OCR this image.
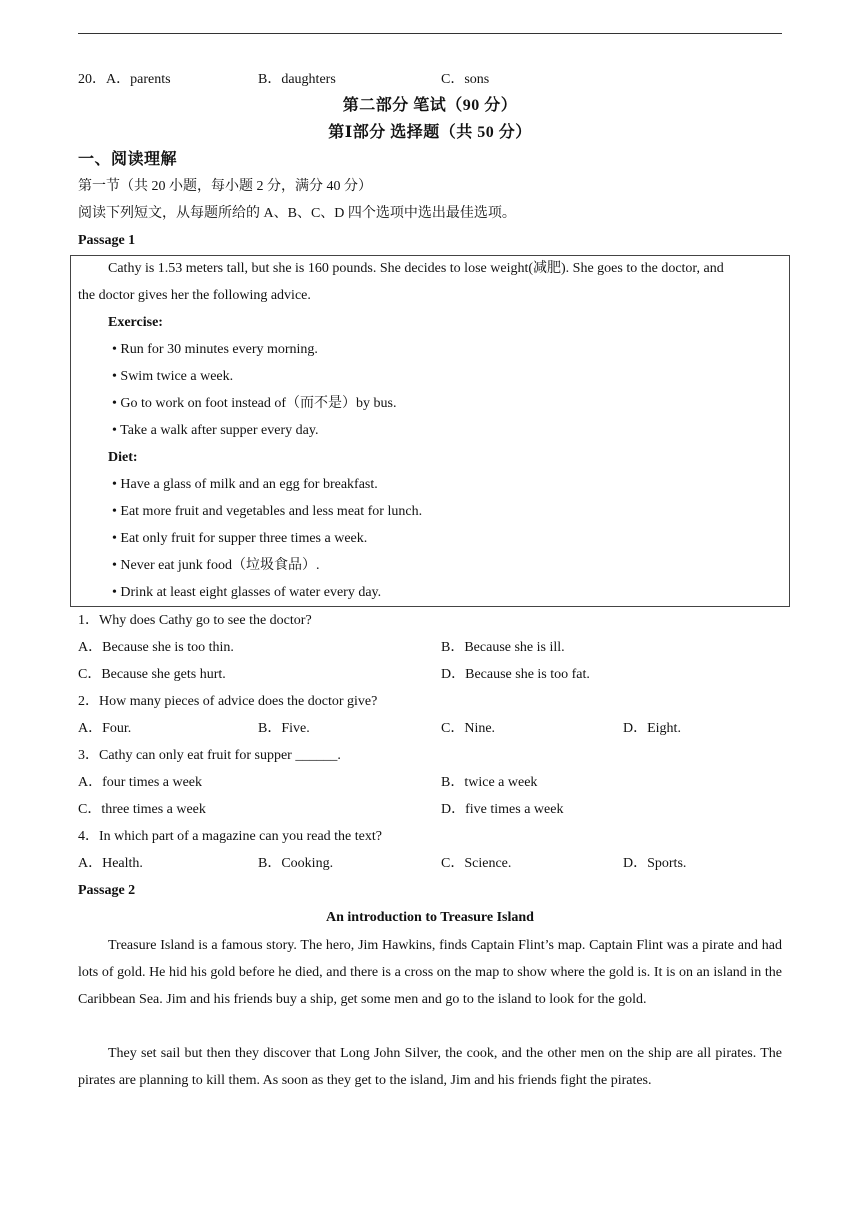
20．A．parents	B．daughters	C．sons
第二部分 笔试（90 分）
第Ⅰ部分 选择题（共 50 分）
一、阅读理解
第一节（共 20 小题，每小题 2 分，满分 40 分）
阅读下列短文，从每题所给的 A、B、C、D 四个选项中选出最佳选项。
Passage 1
Cathy is 1.53 meters tall, but she is 160 pounds. She decides to lose weight(减肥). She goes to the doctor, and
the doctor gives her the following advice.
Exercise:
• Run for 30 minutes every morning.
• Swim twice a week.
• Go to work on foot instead of（而不是）by bus.
• Take a walk after supper every day.
Diet:
• Have a glass of milk and an egg for breakfast.
• Eat more fruit and vegetables and less meat for lunch.
• Eat only fruit for supper three times a week.
• Never eat junk food（垃圾食品）.
• Drink at least eight glasses of water every day.
1．Why does Cathy go to see the doctor?
A．Because she is too thin.	B．Because she is ill.
C．Because she gets hurt.	D．Because she is too fat.
2．How many pieces of advice does the doctor give?
A．Four.	B．Five.	C．Nine.	D．Eight.
3．Cathy can only eat fruit for supper ______.
A．four times a week	B．twice a week
C．three times a week	D．five times a week
4．In which part of a magazine can you read the text?
A．Health.	B．Cooking.	C．Science.	D．Sports.
Passage 2
An introduction to Treasure Island
Treasure Island is a famous story. The hero, Jim Hawkins, finds Captain Flint’s map. Captain Flint was a pirate and had lots of gold. He hid his gold before he died, and there is a cross on the map to show where the gold is. It is on an island in the Caribbean Sea. Jim and his friends buy a ship, get some men and go to the island to look for the gold.
They set sail but then they discover that Long John Silver, the cook, and the other men on the ship are all pirates. The pirates are planning to kill them. As soon as they get to the island, Jim and his friends fight the pirates.
